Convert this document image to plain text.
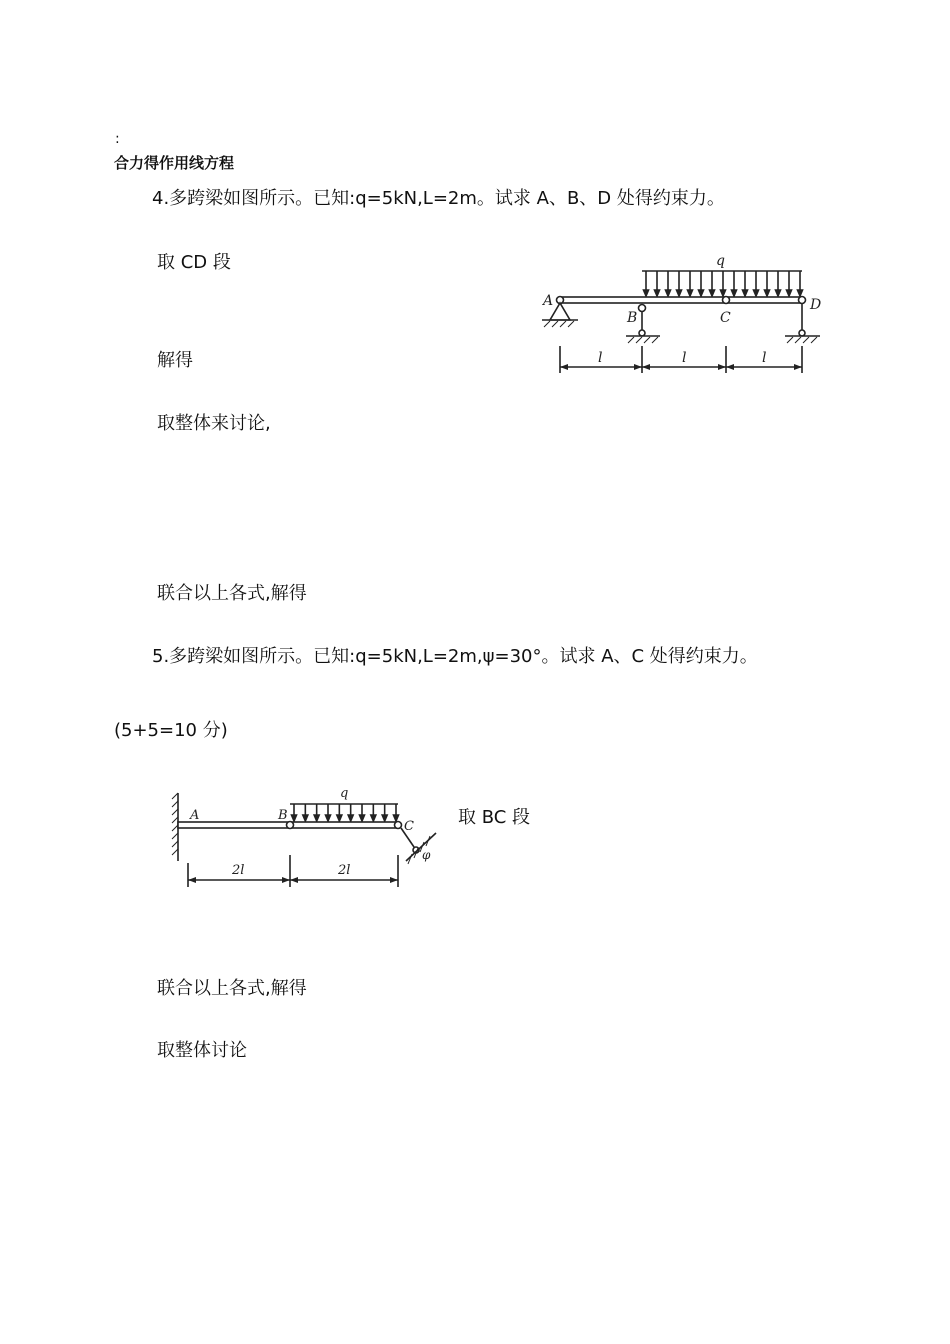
:
合力得作用线方程
4.多跨梁如图所示。已知:q=5kN,L=2m。试求 A、B、D 处得约束力。
取 CD 段
解得
取整体来讨论,
联合以上各式,解得
q
A
B	C
D
l	l	l
5.多跨梁如图所示。已知:q=5kN,L=2m,ψ=30°。试求 A、C 处得约束力。
(5+5=10 分)
q
A	B
C
φ
2l	2l
取 BC 段
联合以上各式,解得
取整体讨论
